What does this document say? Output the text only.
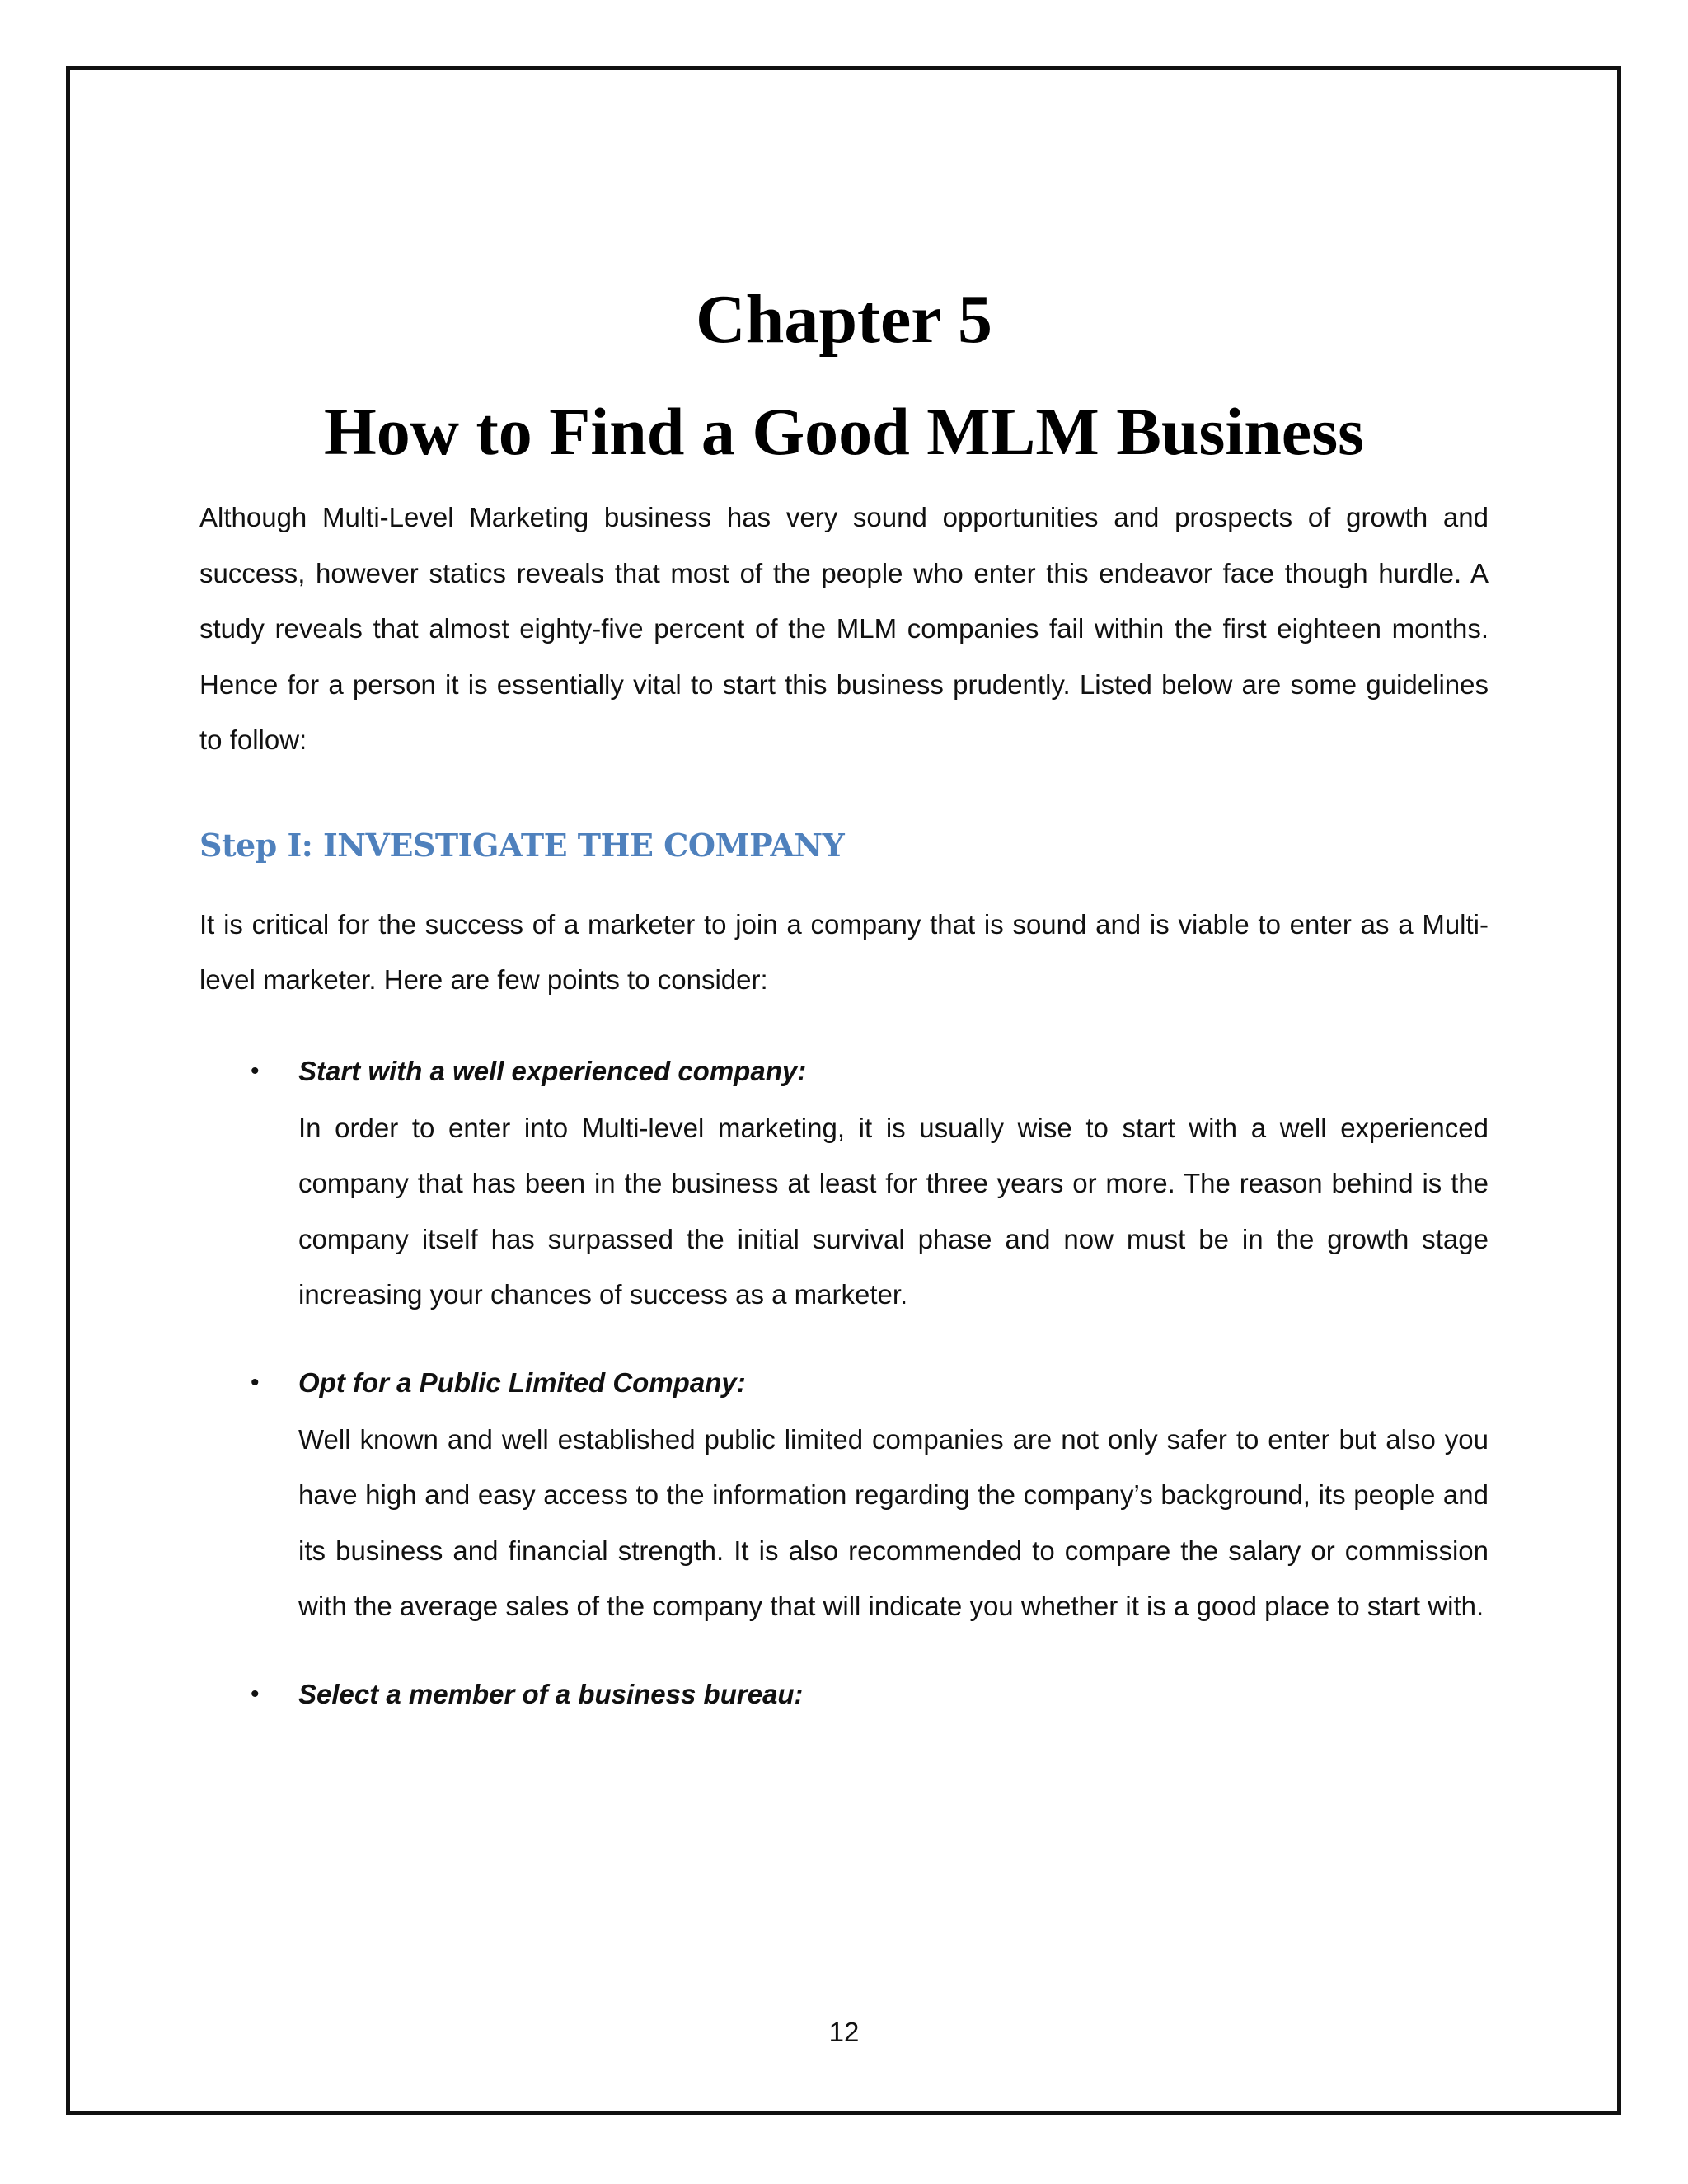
Chapter 5
How to Find a Good MLM Business

Although Multi-Level Marketing business has very sound opportunities and prospects of growth and success, however statics reveals that most of the people who enter this endeavor face though hurdle. A study reveals that almost eighty-five percent of the MLM companies fail within the first eighteen months. Hence for a person it is essentially vital to start this business prudently. Listed below are some guidelines to follow:

Step I: INVESTIGATE THE COMPANY

It is critical for the success of a marketer to join a company that is sound and is viable to enter as a Multi-level marketer. Here are few points to consider:

• Start with a well experienced company:

In order to enter into Multi-level marketing, it is usually wise to start with a well experienced company that has been in the business at least for three years or more. The reason behind is the company itself has surpassed the initial survival phase and now must be in the growth stage increasing your chances of success as a marketer.

• Opt for a Public Limited Company:

Well known and well established public limited companies are not only safer to enter but also you have high and easy access to the information regarding the company’s background, its people and its business and financial strength. It is also recommended to compare the salary or commission with the average sales of the company that will indicate you whether it is a good place to start with.

• Select a member of a business bureau:
12
